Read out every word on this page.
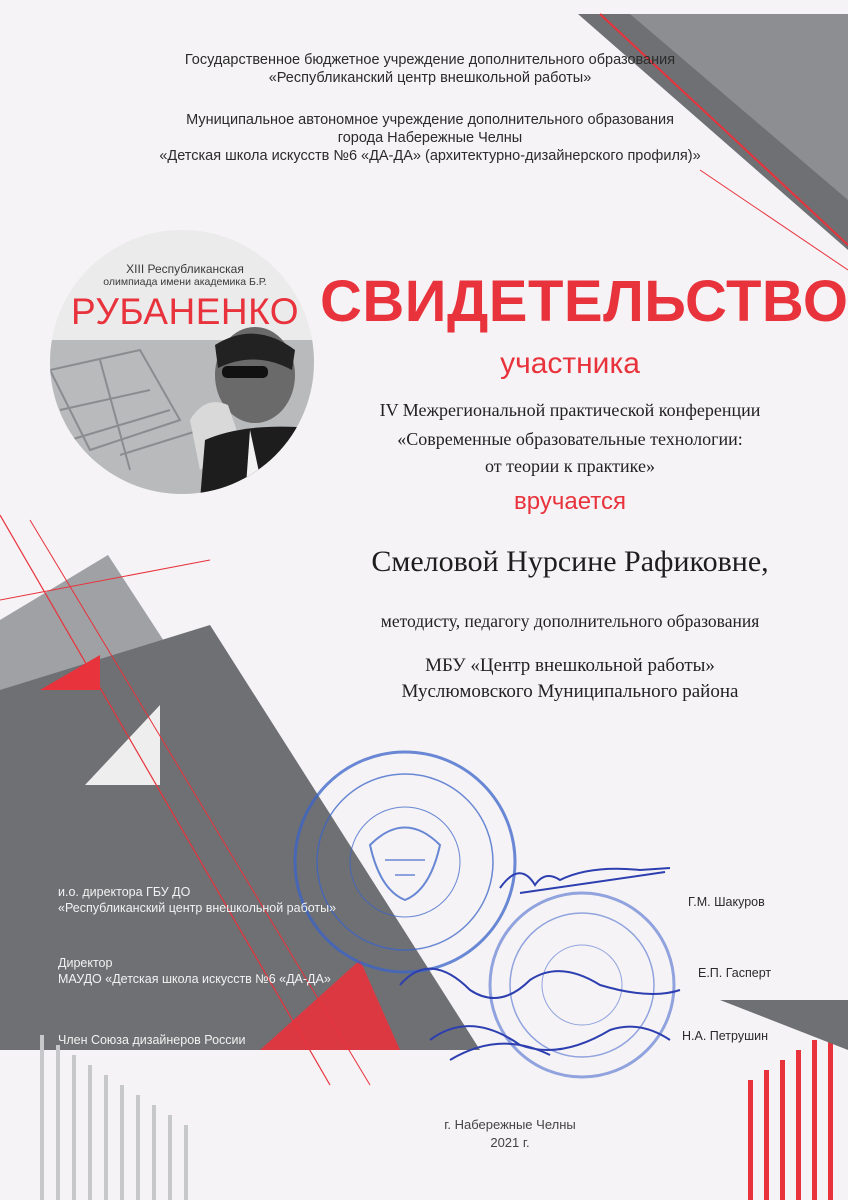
Государственное бюджетное учреждение дополнительного образования
«Республиканский центр внешкольной работы»
Муниципальное автономное учреждение дополнительного образования
города Набережные Челны
«Детская школа искусств №6 «ДА-ДА» (архитектурно-дизайнерского профиля)»
XIII Республиканская
олимпиада имени академика Б.Р.
РУБАНЕНКО СВИДЕТЕЛЬСТВО
участника
IV Межрегиональной практической конференции
«Современные образовательные технологии:
от теории к практике»
вручается
Смеловой Нурсине Рафиковне,
методисту, педагогу дополнительного образования
МБУ «Центр внешкольной работы»
Муслюмовского Муниципального района
и.о. директора ГБУ ДО
«Республиканский центр внешкольной работы»	Г.М. Шакуров
Директор
МАУДО «Детская школа искусств №6 «ДА-ДА»	Е.П. Гасперт
Член Союза дизайнеров России	Н.А. Петрушин
г. Набережные Челны
2021 г.
